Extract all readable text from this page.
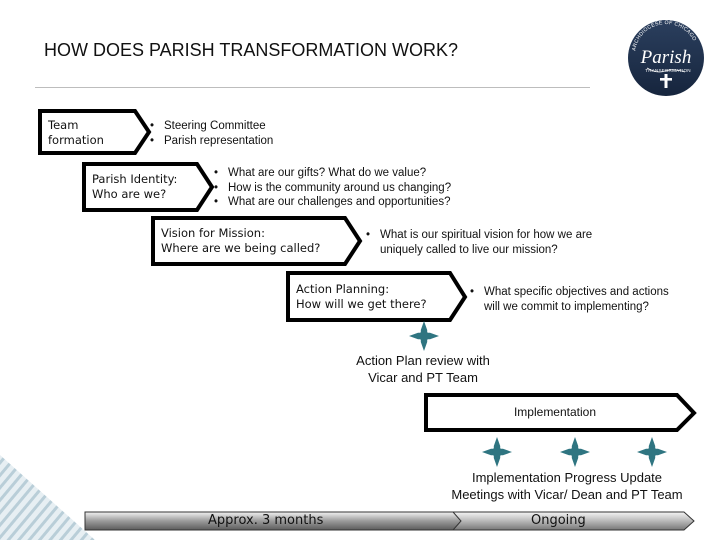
HOW DOES PARISH TRANSFORMATION WORK?	ARCHDIOCESE OF CHICAGO
Parish
TRANSFORMATION
Team
formation
Parish Identity:
Who are we?
Vision for Mission:
Where are we being called?
Action Planning:
How will we get there?
• Steering Committee
• Parish representation
• What are our gifts? What do we value?
• How is the community around us changing?
• What are our challenges and opportunities?
• What is our spiritual vision for how we are
uniquely called to live our mission?
• What specific objectives and actions
will we commit to implementing?
Action Plan review with
Vicar and PT Team
Implementation
Implementation Progress Update
Meetings with Vicar/ Dean and PT Team
Approx. 3 months	Ongoing
